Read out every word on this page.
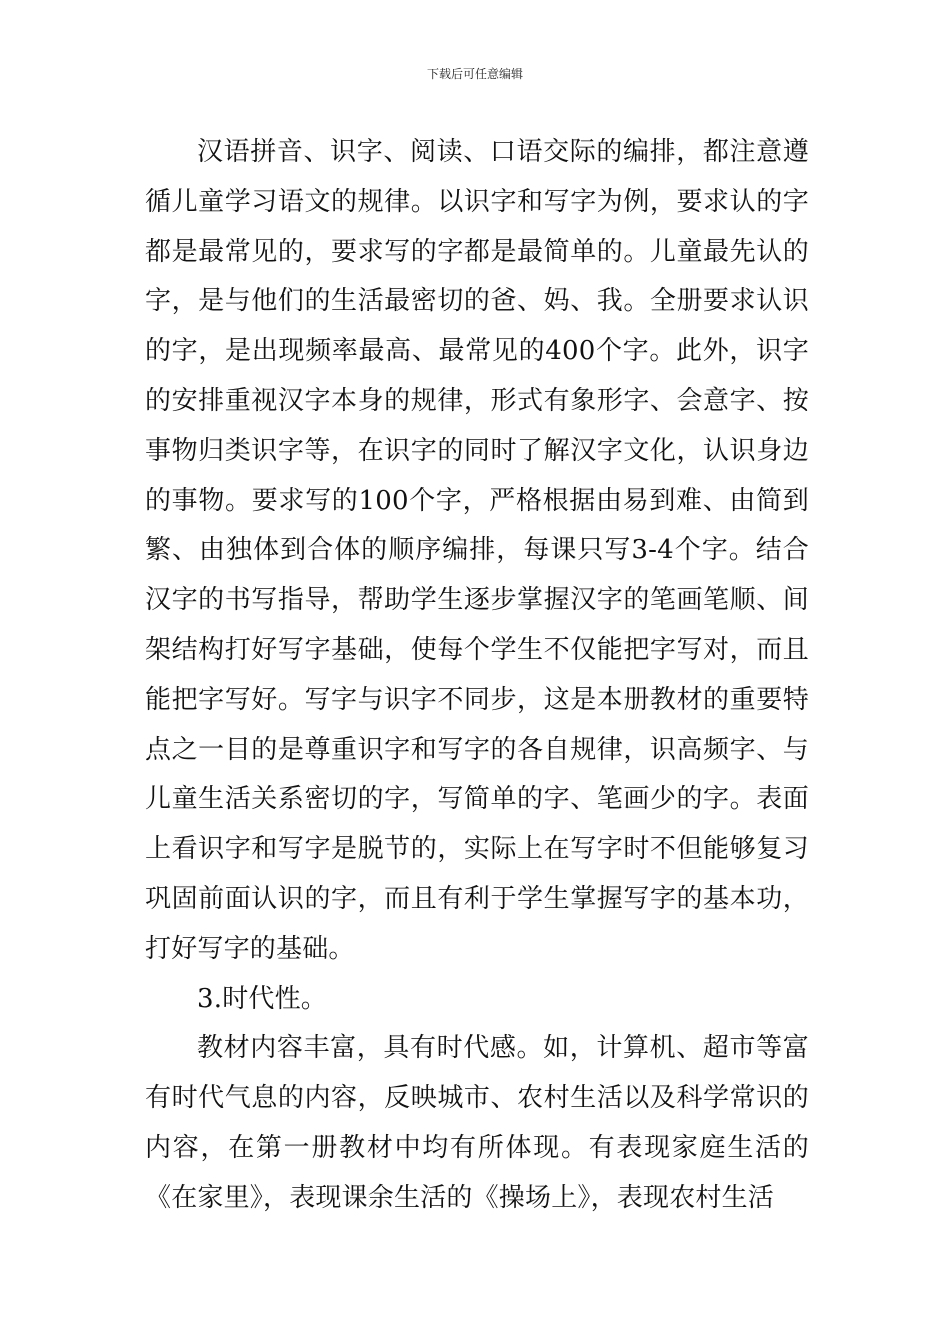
下载后可任意编辑

汉语拼音、识字、阅读、口语交际的编排，都注意遵循儿童学习语文的规律。以识字和写字为例，要求认的字都是最常见的，要求写的字都是最简单的。儿童最先认的字，是与他们的生活最密切的爸、妈、我。全册要求认识的字，是出现频率最高、最常见的400个字。此外，识字的安排重视汉字本身的规律，形式有象形字、会意字、按事物归类识字等，在识字的同时了解汉字文化，认识身边的事物。要求写的100个字，严格根据由易到难、由简到繁、由独体到合体的顺序编排，每课只写3-4个字。结合汉字的书写指导，帮助学生逐步掌握汉字的笔画笔顺、间架结构打好写字基础，使每个学生不仅能把字写对，而且能把字写好。写字与识字不同步，这是本册教材的重要特点之一目的是尊重识字和写字的各自规律，识高频字、与儿童生活关系密切的字，写简单的字、笔画少的字。表面上看识字和写字是脱节的，实际上在写字时不但能够复习巩固前面认识的字，而且有利于学生掌握写字的基本功，打好写字的基础。

3.时代性。

教材内容丰富，具有时代感。如，计算机、超市等富有时代气息的内容，反映城市、农村生活以及科学常识的内容，在第一册教材中均有所体现。有表现家庭生活的《在家里》，表现课余生活的《操场上》，表现农村生活
